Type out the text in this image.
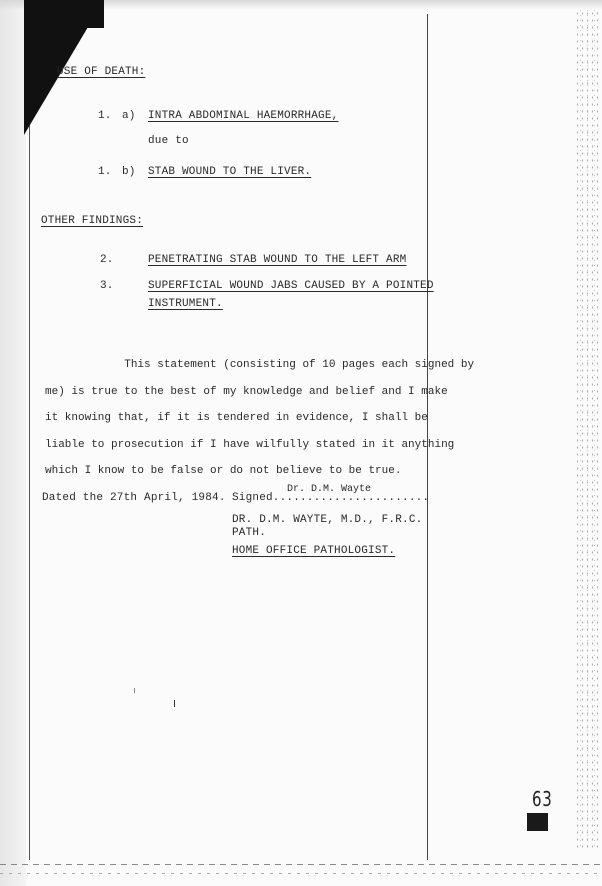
USE OF DEATH:
1. a) INTRA ABDOMINAL HAEMORRHAGE,
due to
1. b) STAB WOUND TO THE LIVER.
OTHER FINDINGS:
2.	PENETRATING STAB WOUND TO THE LEFT ARM
3.	SUPERFICIAL WOUND JABS CAUSED BY A POINTED
INSTRUMENT.
This statement (consisting of 10 pages each signed by
me) is true to the best of my knowledge and belief and I make
it knowing that, if it is tendered in evidence, I shall be
liable to prosecution if I have wilfully stated in it anything
which I know to be false or do not believe to be true.
Dated the 27th April, 1984. Signed.......................
Dr. D.M. Wayte
DR. D.M. WAYTE, M.D., F.R.C.
PATH.
HOME OFFICE PATHOLOGIST.
63
